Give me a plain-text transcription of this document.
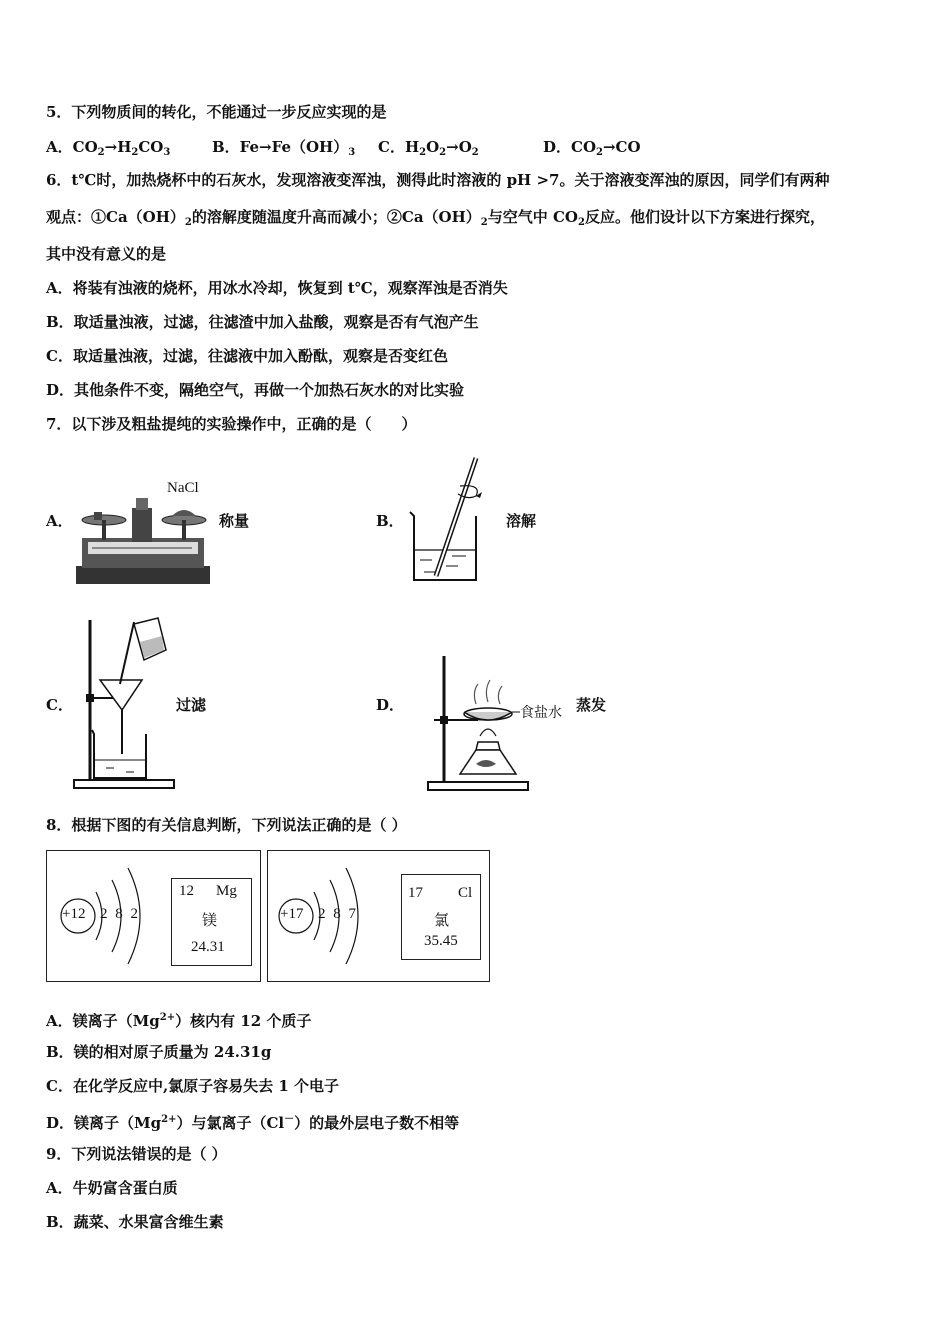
5．下列物质间的转化，不能通过一步反应实现的是
A．$CO_2\to H_2CO_3$	B．$Fe\to Fe(OH)_3$ C．$H_2O_2\to O_2$	D．$CO_2\to CO$
6．t℃时，加热烧杯中的石灰水，发现溶液变浑浊，测得此时溶液的 pH >7。关于溶液变浑浊的原因，同学们有两种
观点：$①Ca(OH)_2$的溶解度随温度升高而减小；$②Ca(OH)_2$与空气中 $CO_2$反应。他们设计以下方案进行探究，
其中没有意义的是
A．将装有浊液的烧杯，用冰水冷却，恢复到 t℃，观察浑浊是否消失
B．取适量浊液，过滤，往滤渣中加入盐酸，观察是否有气泡产生
C．取适量浊液，过滤，往滤液中加入酚酞，观察是否变红色
D．其他条件不变，隔绝空气，再做一个加热石灰水的对比实验
7．以下涉及粗盐提纯的实验操作中，正确的是（　　）
A．
NaCl
称量	B．	溶解
C．	过滤	D．	食盐水 蒸发
8．根据下图的有关信息判断，下列说法正确的是（ ）
+12 2 8 2
12 Mg
镁
24.31
+17 2 8 7
17 Cl
氯
35.45
A．镁离子$(Mg^{2+})$核内有 12 个质子
B．镁的相对原子质量为 24.31g
C．在化学反应中,氯原子容易失去 1 个电子
D．镁离子$(Mg^{2+})$与氯离子（Cl－）的最外层电子数不相等
9．下列说法错误的是（ ）
A．牛奶富含蛋白质
B．蔬菜、水果富含维生素
